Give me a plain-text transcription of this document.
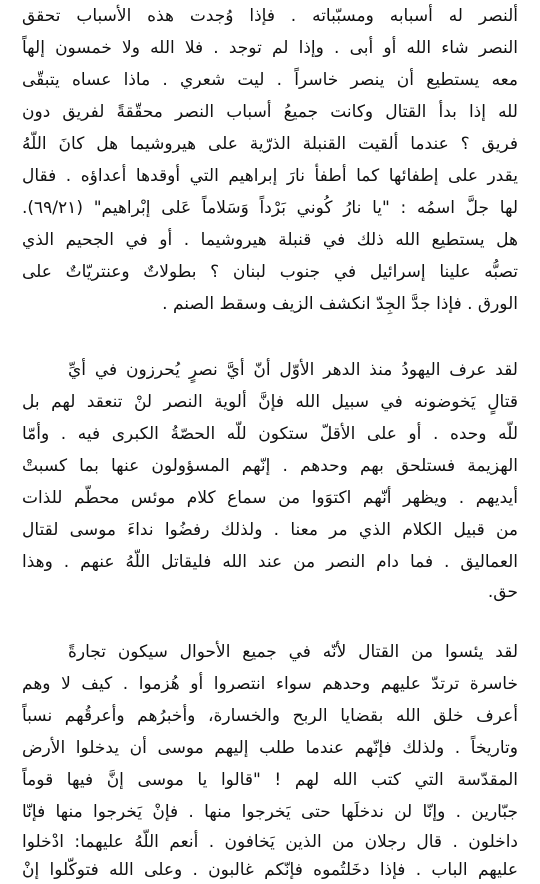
ألنصر له أسبابه ومسبّباته . فإذا وُجدت هذه الأسباب تحقق
النصر شاء الله أو أبى . وإذا لم توجد . فلا الله ولا خمسون إلهاً
معه يستطيع أن ينصر خاسراً . ليت شعري . ماذا عساه يتبقّى
لله إذا بدأ القتال وكانت جميعُ أسباب النصر محقّقةً لفريق دون
فريق ؟ عندما ألقيت القنبلة الذرّية على هيروشيما هل كانَ اللّهُ
يقدر على إطفائها كما أطفأ نارَ إبراهيم التي أوقدها أعداؤه . فقال
لها جلَّ اسمُه : "يا نارُ كُوني بَرْداً وَسَلاماً عَلى إبْراهيم" (٦٩/٢١).
هل يستطيع الله ذلك في قنبلة هيروشيما . أو في الجحيم الذي
تصبُّه علينا إسرائيل في جنوب لبنان ؟ بطولاتٌ وعنتريّاتٌ على
الورق . فإذا جدَّ الجِدّ انكشف الزيف وسقط الصنم .
لقد عرف اليهودُ منذ الدهر الأوّل أنّ أيَّ نصرٍ يُحرزون في أيِّ
قتالٍ يَخوضونه في سبيل الله فإنَّ ألوية النصر لنْ تنعقد لهم بل
للّه وحده . أو على الأقلّ ستكون للّه الحصّةُ الكبرى فيه . وأمّا
الهزيمة فستلحق بهم وحدهم . إنّهم المسؤولون عنها بما كسبتْ
أيديهم . ويظهر أنّهم اكتوَوا من سماع كلام موئس محطّم للذات
من قبيل الكلام الذي مر معنا . ولذلك رفضُوا نداءَ موسى لقتال
العماليق . فما دام النصر من عند الله فليقاتل اللّهُ عنهم . وهذا
حق.
لقد يئسوا من القتال لأنّه في جميع الأحوال سيكون تجارةً
خاسرة ترتدّ عليهم وحدهم سواء انتصروا أو هُزموا . كيف لا وهم
أعرف خلق الله بقضايا الربح والخسارة، وأخبرُهم وأعرقُهم نسباً
وتاريخاً . ولذلك فإنّهم عندما طلب إليهم موسى أن يدخلوا الأرض
المقدّسة التي كتب الله لهم ! "قالوا يا موسى إنَّ فيها قوماً
جبّارين . وإنّا لن ندخلَها حتى يَخرجوا منها . فإنْ يَخرجوا منها فإنّا
داخلون . قال رجلان من الذين يَخافون . أنعم اللّهُ عليهما: ادْخلوا
عليهم الباب . فإذا دخَلتُموه فإنّكم غالبون . وعلى الله فتوكّلوا إنْ
